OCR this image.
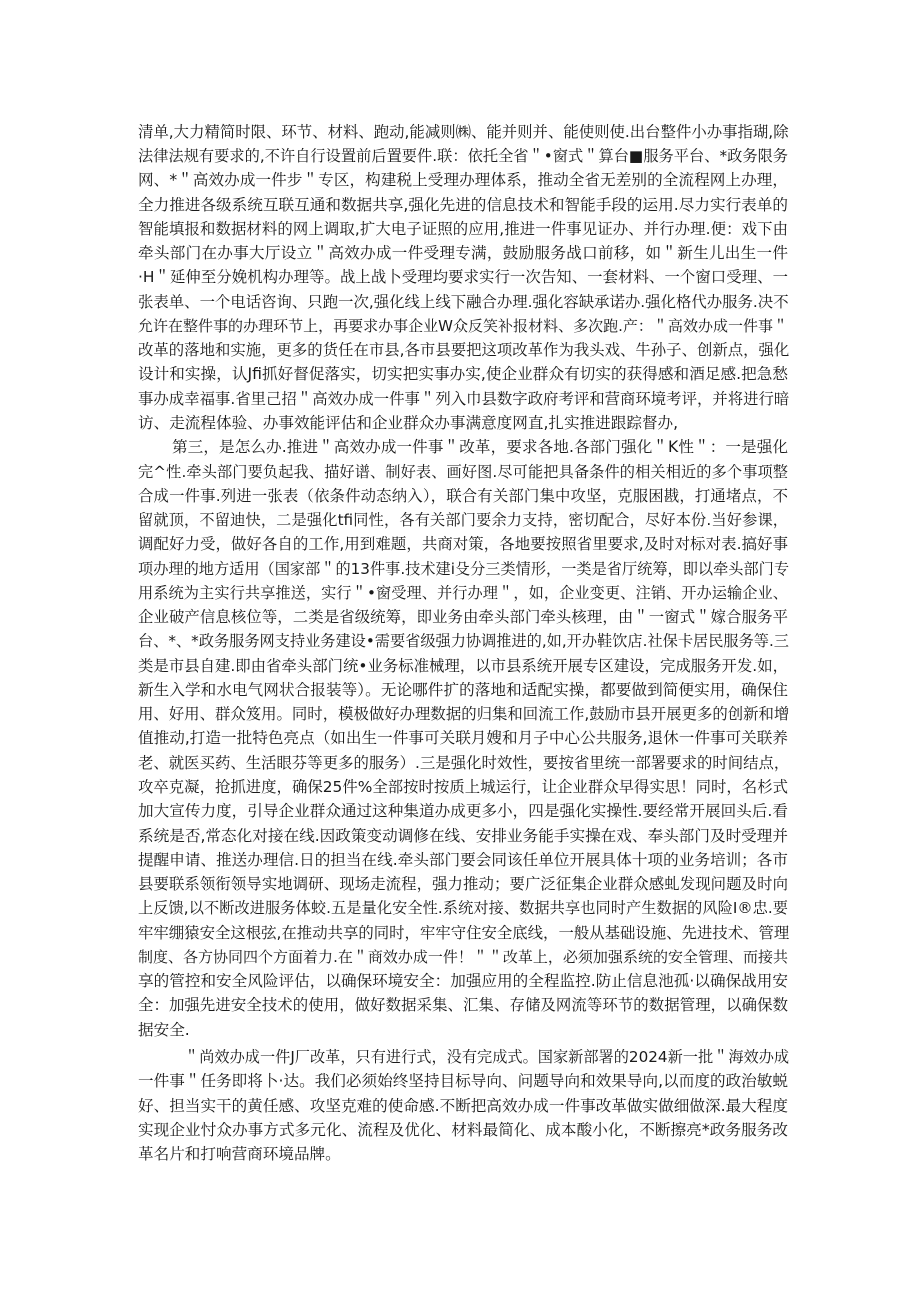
清单,大力精简时限、环节、材料、跑动,能减则㈱、能并则并、能使则使.出台整件小办事指瑚,除

法律法规有要求的,不许自行设置前后置要件.联：依托全省＂•窗式＂算台■服务平台、*政务限务

网、*＂高效办成一件步＂专区，构建税上受理办理体系，推动全省无差别的全流程网上办理，

全力推进各级系统互联互通和数据共享,强化先进的信息技术和智能手段的运用.尽力实行表单的

智能填报和数据材料的网上调取,扩大电子证照的应用,推进一件事见证办、并行办理.便：戏下由

牵头部门在办事大厅设立＂高效办成一件受理专满，鼓励服务战口前移，如＂新生儿出生一件

·H＂延伸至分娩机构办理等。战上战卜受理均要求实行一次告知、一套材料、一个窗口受理、一

张表单、一个电话咨询、只跑一次,强化线上线下融合办理.强化容缺承诺办.强化格代办服务.决不

允许在整件事的办理环节上，再要求办事企业W众反笑补报材料、多次跑.产：＂高效办成一件事＂

改革的落地和实施，更多的货任在市县,各市县要把这项改革作为我头戏、牛孙子、创新点，强化

设计和实操，认Jfi抓好督促落实，切实把实事办实,使企业群众有切实的获得感和酒足感.把急愁

事办成幸福事.省里己招＂高效办成一件事＂列入巾县数字政府考评和营商环境考评，并将进行暗

访、走流程体验、办事效能评估和企业群众办事满意度网直,扎实推进跟踪督办,

第三，是怎么办.推进＂高效办成一件事＂改革，要求各地.各部门强化＂K性＂：一是强化

完^性.牵头部门要负起我、描好谱、制好表、画好图.尽可能把具备条件的相关相近的多个事项整

合成一件事.列进一张表（依条件动态纳入），联合有关部门集中攻坚，克服困戡，打通堵点，不

留就顶，不留迪快，二是强化tfi同性，各有关部门要余力支持，密切配合，尽好本份.当好参课，

调配好力受，做好各自的工作,用到难题，共商对策，各地要按照省里要求,及时对标对表.搞好事

项办理的地方适用（国家部＂的13件事.技术建i殳分三类情形，一类是省厅统筹，即以牵头部门专

用系统为主实行共享推送，实行＂•窗受理、并行办理＂，如，企业变更、注销、开办运输企业、

企业破产信息核位等，二类是省级统筹，即业务由牵头部门牵头核理，由＂一窗式＂嫁合服务平

台、*、*政务服务网支持业务建设•需要省级强力协调推进的,如,开办鞋饮店.社保卡居民服务等.三

类是市县自建.即由省牵头部门统•业务标准械理，以市县系统开展专区建设，完成服务开发.如，

新生入学和水电气网状合报装等）。无论哪件扩的落地和适配实操，都要做到简便实用，确保住

用、好用、群众笈用。同时，模极做好办理数据的归集和回流工作,鼓励市县开展更多的创新和增

值推动,打造一批特色亮点（如出生一件事可关联月嫂和月子中心公共服务,退休一件事可关联养

老、就医买药、生活眼芬等更多的服务）.三是强化时效性，要按省里统一部署要求的时间结点，

攻卒克凝，抢抓进度，确保25件%全部按时按质上城运行，让企业群众早得实思！同时，名杉式

加大宣传力度，引导企业群众通过这种集道办成更多小，四是强化实操性.要经常开展回头后.看

系统是否,常态化对接在线.因政策变动调修在线、安排业务能手实操在戏、奉头部门及时受理并

提醒申请、推送办理信.日的担当在线.牵头部门要会同该任单位开展具体十项的业务培训；各市

县要联系领衔领导实地调研、现场走流程，强力推动；要广泛征集企业群众感虬发现问题及时向

上反馈,以不断改进服务体蛟.五是量化安全性.系统对接、数据共享也同时产生数据的风险I®忠.要

牢牢绷猿安全这根弦,在推动共享的同时，牢牢守住安全底线，一般从基础设施、先进技术、管理

制度、各方协同四个方面着力.在＂商效办成一件！＂＂改革上，必须加强系统的安全管理、而接共

享的管控和安全风险评估，以确保环境安全：加强应用的全程监控.防止信息池孤·以确保战用安

全：加强先进安全技术的使用，做好数据采集、汇集、存储及网流等环节的数据管理，以确保数

据安全.

＂尚效办成一件J厂改革，只有进行式，没有完成式。国家新部署的2024新一批＂海效办成

一件事＂任务即将卜·达。我们必须始终坚持目标导向、问题导向和效果导向,以而度的政治敏蜕

好、担当实干的黄任感、攻坚克难的使命感.不断把高效办成一件事改革做实做细做深.最大程度

实现企业忖众办事方式多元化、流程及优化、材料最简化、成本酸小化，不断擦亮*政务服务改

革名片和打响营商环境品牌。
